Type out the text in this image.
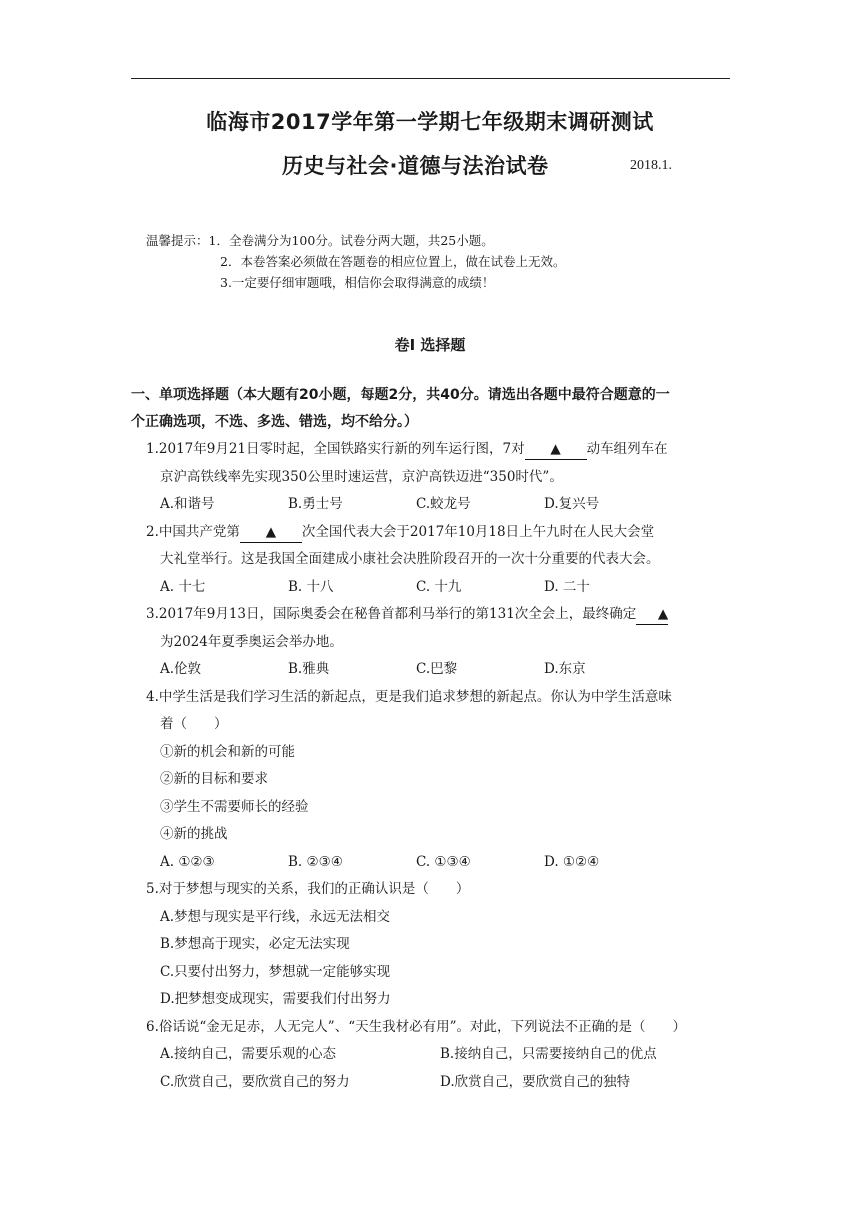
临海市2017学年第一学期七年级期末调研测试
历史与社会·道德与法治试卷	2018.1.
温馨提示：1．全卷满分为100分。试卷分两大题，共25小题。
2．本卷答案必须做在答题卷的相应位置上，做在试卷上无效。
3.一定要仔细审题哦，相信你会取得满意的成绩！
卷Ⅰ 选择题
一、单项选择题（本大题有20小题，每题2分，共40分。请选出各题中最符合题意的一
个正确选项，不选、多选、错选，均不给分。）
1.2017年9月21日零时起，全国铁路实行新的列车运行图，7对 ▲ 动车组列车在
京沪高铁线率先实现350公里时速运营，京沪高铁迈进“350时代”。
A.和谐号	B.勇士号	C.蛟龙号	D.复兴号
2.中国共产党第 ▲ 次全国代表大会于2017年10月18日上午九时在人民大会堂
大礼堂举行。这是我国全面建成小康社会决胜阶段召开的一次十分重要的代表大会。
A. 十七	B. 十八	C. 十九	D. 二十
3.2017年9月13日，国际奥委会在秘鲁首都利马举行的第131次全会上，最终确定 ▲
为2024年夏季奥运会举办地。
A.伦敦	B.雅典	C.巴黎	D.东京
4.中学生活是我们学习生活的新起点，更是我们追求梦想的新起点。你认为中学生活意味
着（　　）
①新的机会和新的可能
②新的目标和要求
③学生不需要师长的经验
④新的挑战
A. ①②③	B. ②③④	C. ①③④	D. ①②④
5.对于梦想与现实的关系，我们的正确认识是（　　）
A.梦想与现实是平行线，永远无法相交
B.梦想高于现实，必定无法实现
C.只要付出努力，梦想就一定能够实现
D.把梦想变成现实，需要我们付出努力
6.俗话说“金无足赤，人无完人”、“天生我材必有用”。对此，下列说法不正确的是（　　）
A.接纳自己，需要乐观的心态	B.接纳自己，只需要接纳自己的优点
C.欣赏自己，要欣赏自己的努力	D.欣赏自己，要欣赏自己的独特
